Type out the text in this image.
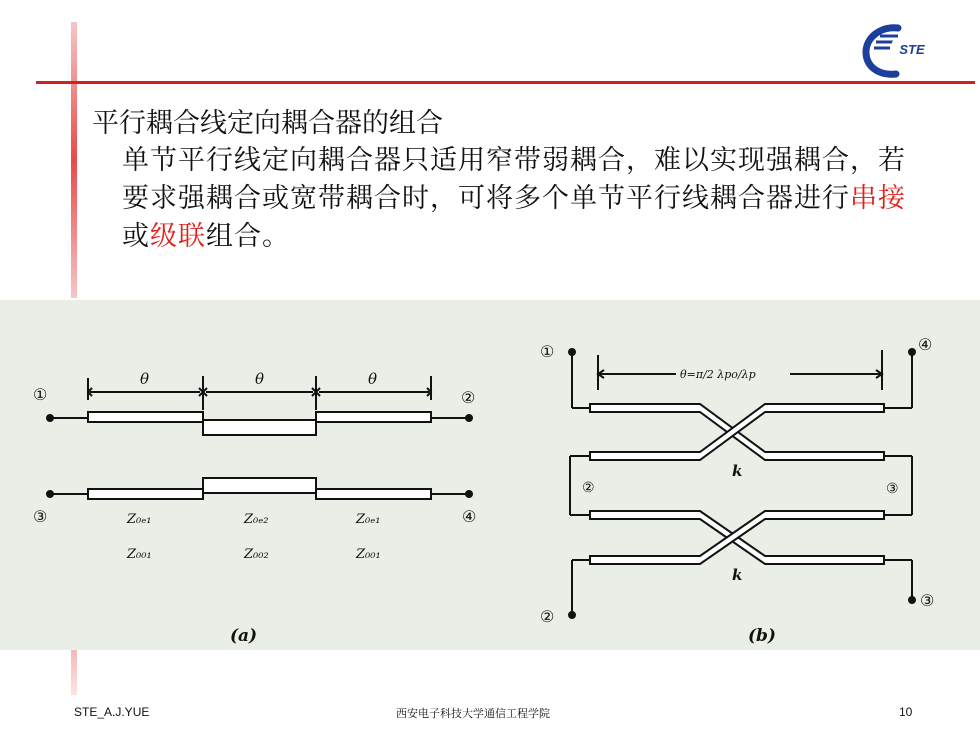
STE

平行耦合线定向耦合器的组合

单节平行线定向耦合器只适用窄带弱耦合，难以实现强耦合，若要求强耦合或宽带耦合时，可将多个单节平行线耦合器进行串接或级联组合。

θ	θ	θ
①	②
③	④
Z₀ₑ₁	Z₀ₑ₂	Z₀ₑ₁
Z₀₀₁	Z₀₀₂	Z₀₀₁
(a)
θ=π/2 λpo/λp
k
k
①	④
②	③
②
③
(b)
STE_A.J.YUE	西安电子科技大学通信工程学院	10
